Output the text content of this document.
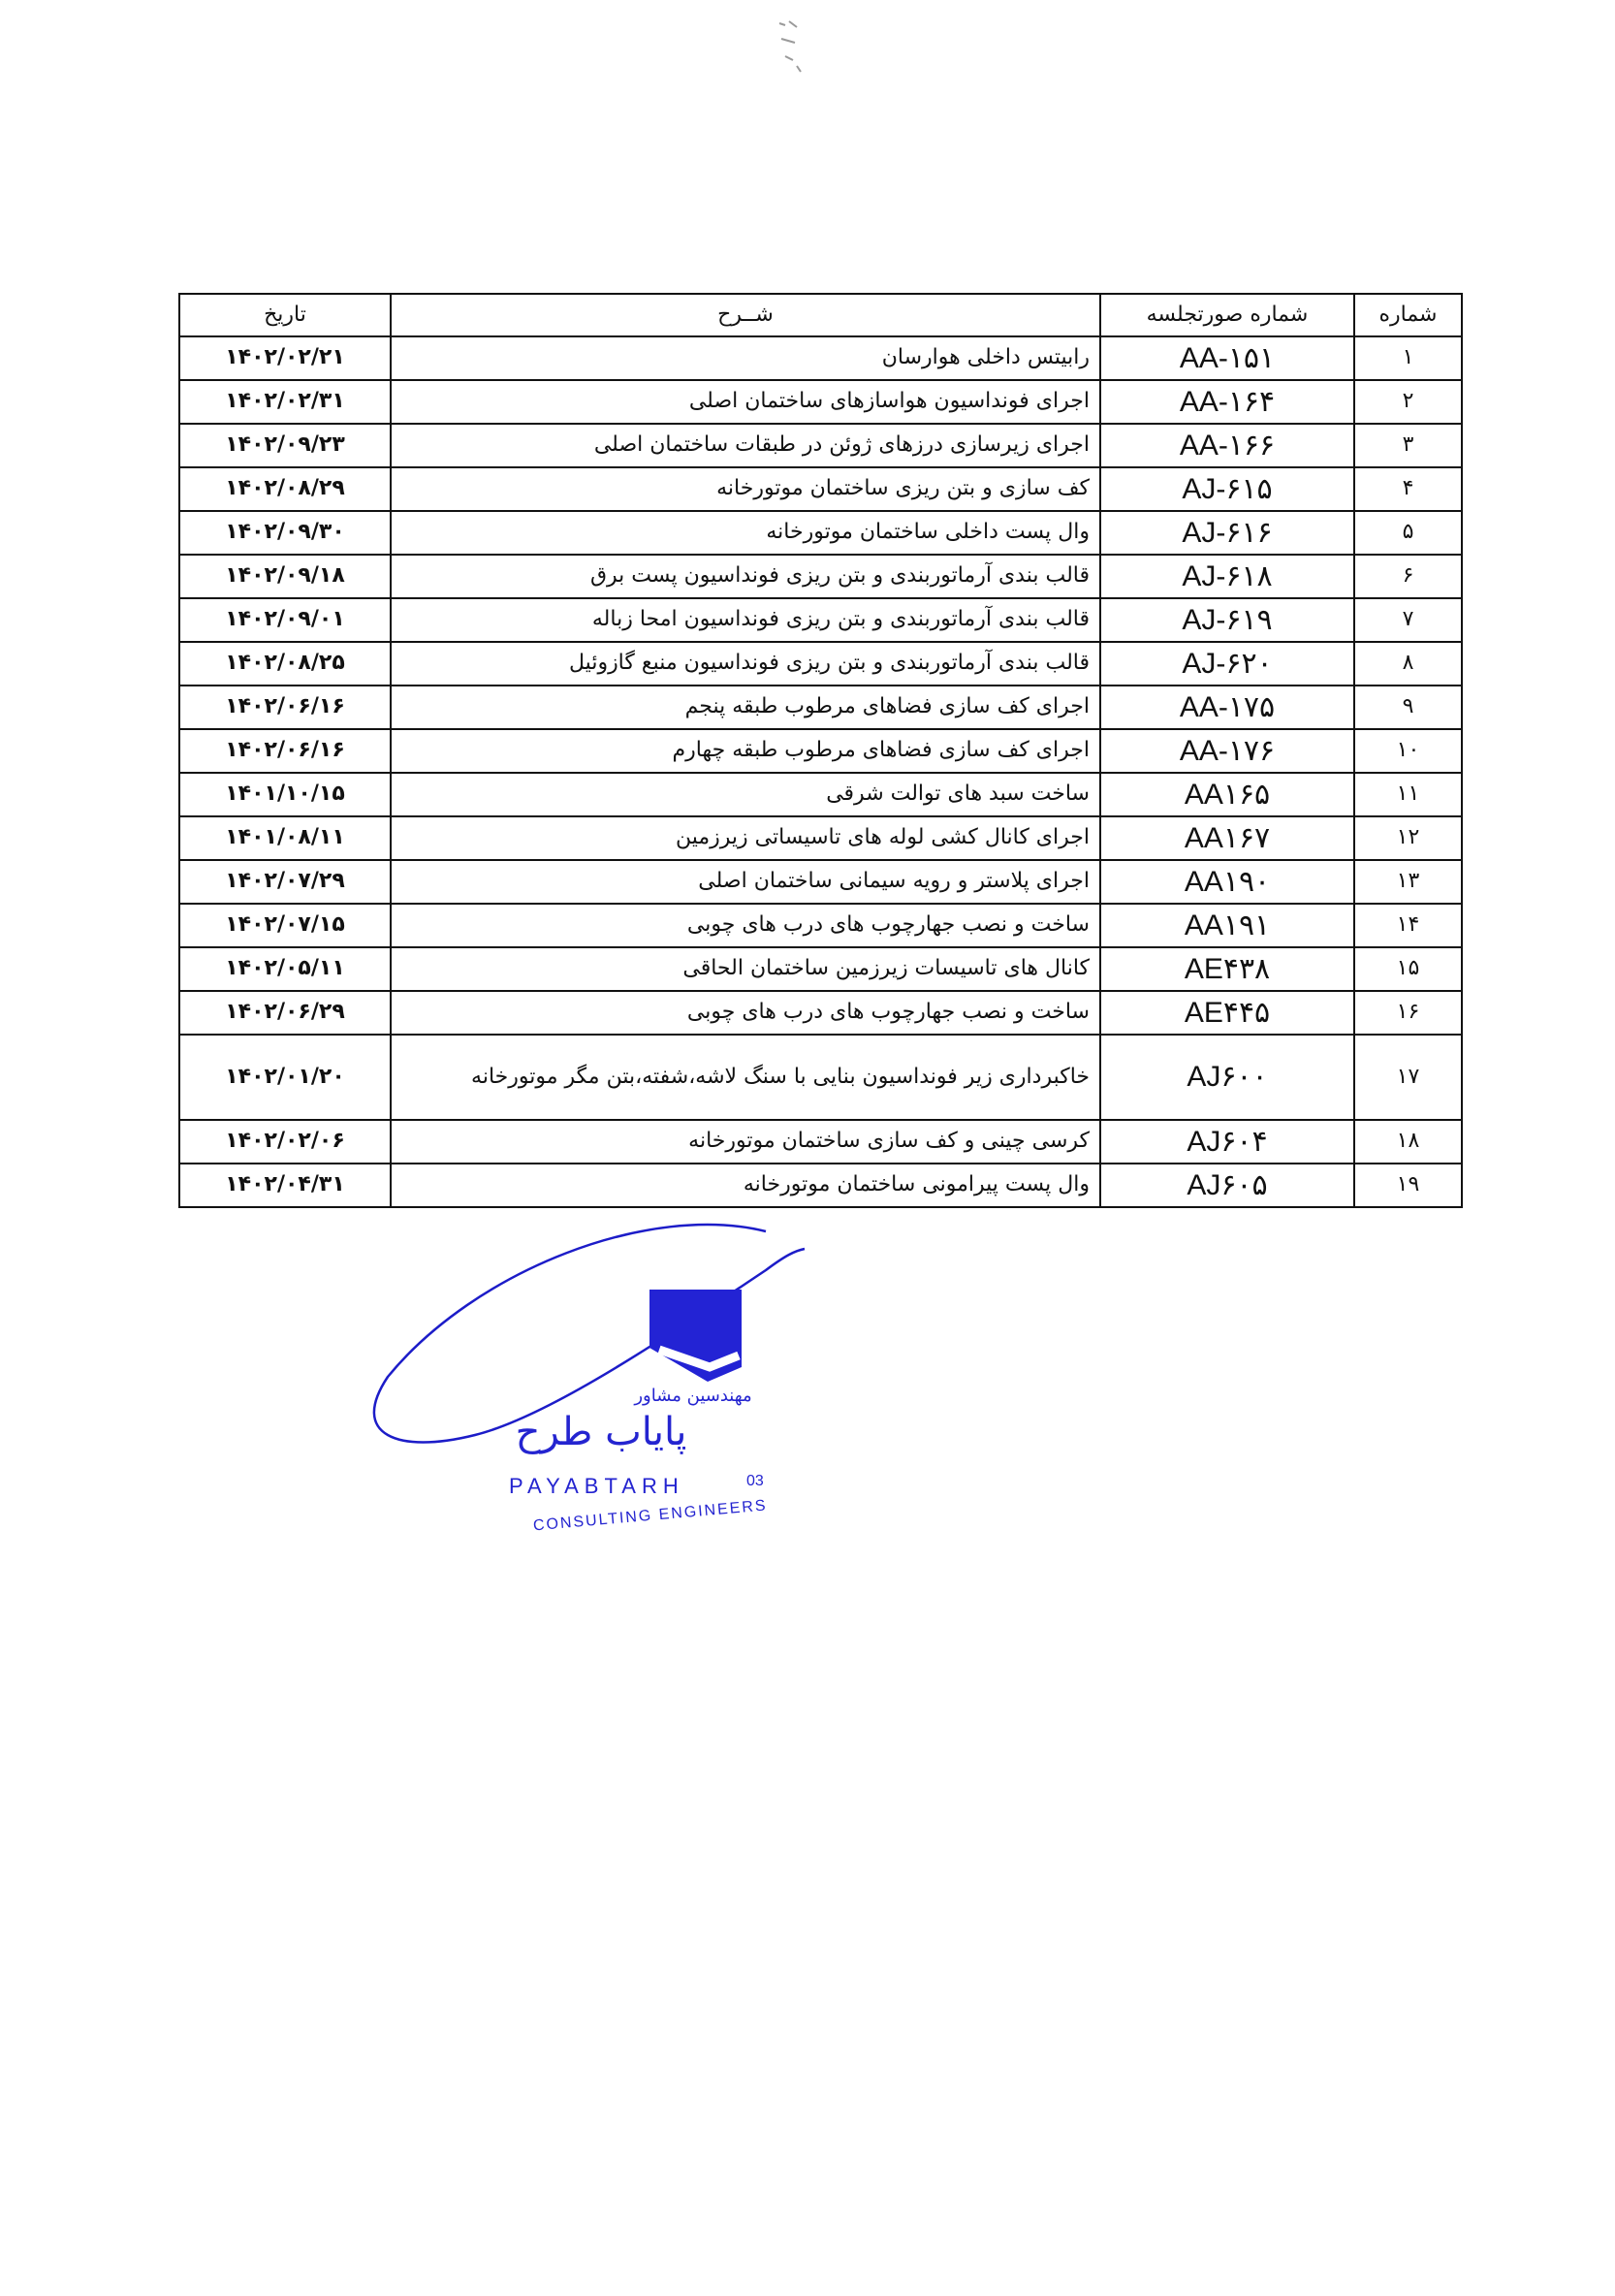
شماره	شماره صورتجلسه	شــرح	تاریخ
۱	AA-۱۵۱	رابیتس داخلی هوارسان	۱۴۰۲/۰۲/۲۱
۲	AA-۱۶۴	اجرای فونداسیون هواسازهای ساختمان اصلی	۱۴۰۲/۰۲/۳۱
۳	AA-۱۶۶	اجرای زیرسازی درزهای ژوئن در طبقات ساختمان اصلی	۱۴۰۲/۰۹/۲۳
۴	AJ-۶۱۵	کف سازی و بتن ریزی ساختمان موتورخانه	۱۴۰۲/۰۸/۲۹
۵	AJ-۶۱۶	وال پست داخلی ساختمان موتورخانه	۱۴۰۲/۰۹/۳۰
۶	AJ-۶۱۸	قالب بندی آرماتوربندی و بتن ریزی فونداسیون پست برق	۱۴۰۲/۰۹/۱۸
۷	AJ-۶۱۹	قالب بندی آرماتوربندی و بتن ریزی فونداسیون امحا زباله	۱۴۰۲/۰۹/۰۱
۸	AJ-۶۲۰	قالب بندی آرماتوربندی و بتن ریزی فونداسیون منبع گازوئیل	۱۴۰۲/۰۸/۲۵
۹	AA-۱۷۵	اجرای کف سازی فضاهای مرطوب طبقه پنجم	۱۴۰۲/۰۶/۱۶
۱۰	AA-۱۷۶	اجرای کف سازی فضاهای مرطوب طبقه چهارم	۱۴۰۲/۰۶/۱۶
۱۱	AA۱۶۵	ساخت سبد های توالت شرقی	۱۴۰۱/۱۰/۱۵
۱۲	AA۱۶۷	اجرای کانال کشی لوله های تاسیساتی زیرزمین	۱۴۰۱/۰۸/۱۱
۱۳	AA۱۹۰	اجرای پلاستر و رویه سیمانی ساختمان اصلی	۱۴۰۲/۰۷/۲۹
۱۴	AA۱۹۱	ساخت و نصب جهارچوب های درب های چوبی	۱۴۰۲/۰۷/۱۵
۱۵	AE۴۳۸	کانال های تاسیسات زیرزمین ساختمان الحاقی	۱۴۰۲/۰۵/۱۱
۱۶	AE۴۴۵	ساخت و نصب جهارچوب های درب های چوبی	۱۴۰۲/۰۶/۲۹
۱۷	AJ۶۰۰	خاکبرداری زیر فونداسیون بنایی با سنگ لاشه،شفته،بتن مگر موتورخانه	۱۴۰۲/۰۱/۲۰
۱۸	AJ۶۰۴	کرسی چینی و کف سازی ساختمان موتورخانه	۱۴۰۲/۰۲/۰۶
۱۹	AJ۶۰۵	وال پست پیرامونی ساختمان موتورخانه	۱۴۰۲/۰۴/۳۱
مهندسین مشاور
پایاب طرح
PAYABTARH	03
CONSULTING ENGINEERS
